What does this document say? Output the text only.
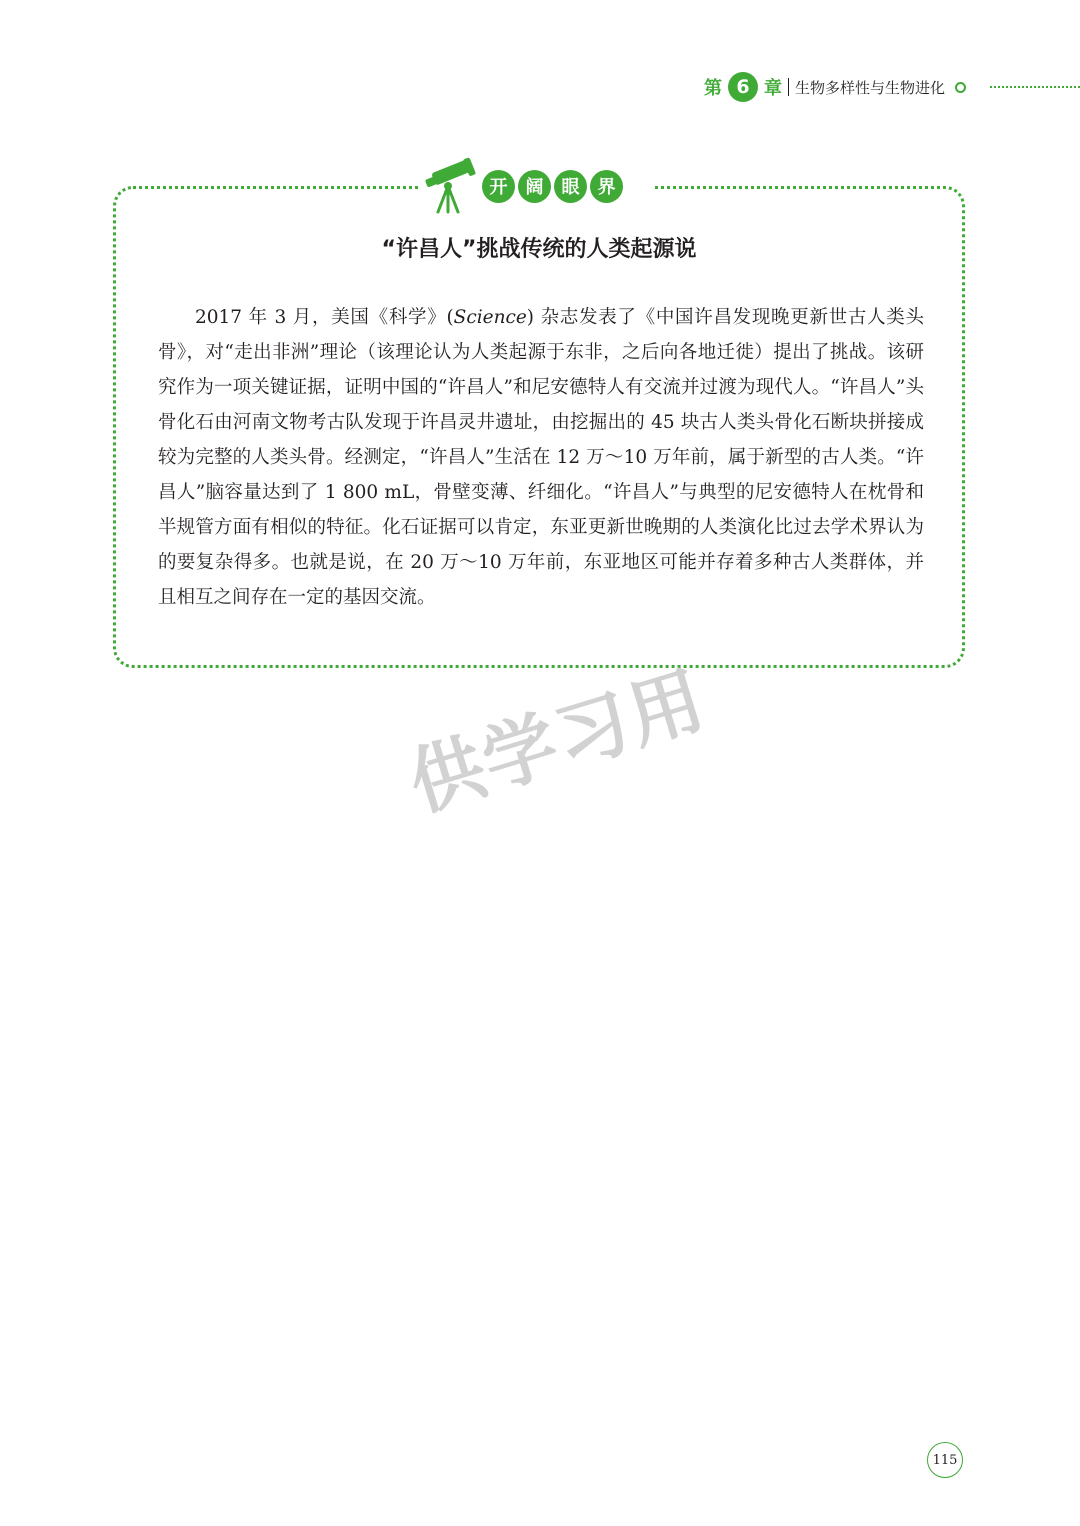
第 6 章 生物多样性与生物进化
开	阔	眼	界
“许昌人”挑战传统的人类起源说

2017 年 3 月，美国《科学》(Science) 杂志发表了《中国许昌发现晚更新世古人类头骨》，对“走出非洲”理论（该理论认为人类起源于东非，之后向各地迁徙）提出了挑战。该研究作为一项关键证据，证明中国的“许昌人”和尼安德特人有交流并过渡为现代人。“许昌人”头骨化石由河南文物考古队发现于许昌灵井遗址，由挖掘出的 45 块古人类头骨化石断块拼接成较为完整的人类头骨。经测定，“许昌人”生活在 12 万～10 万年前，属于新型的古人类。“许昌人”脑容量达到了 1 800 mL，骨壁变薄、纤细化。“许昌人”与典型的尼安德特人在枕骨和半规管方面有相似的特征。化石证据可以肯定，东亚更新世晚期的人类演化比过去学术界认为的要复杂得多。也就是说，在 20 万～10 万年前，东亚地区可能并存着多种古人类群体，并且相互之间存在一定的基因交流。

供学习用
115
